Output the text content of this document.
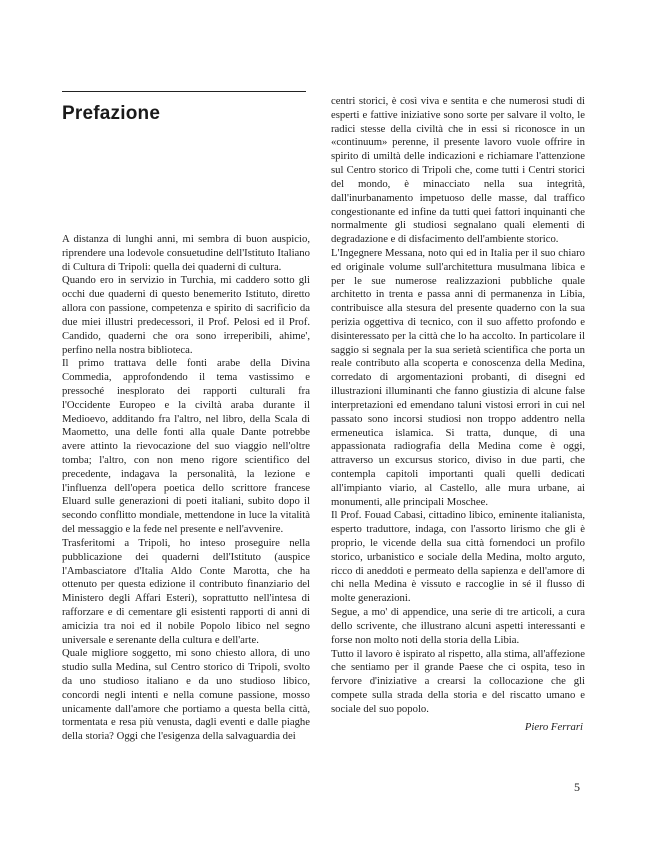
Prefazione

A distanza di lunghi anni, mi sembra di buon auspicio, riprendere una lodevole consuetudine dell'Istituto Italiano di Cultura di Tripoli: quella dei quaderni di cultura.

Quando ero in servizio in Turchia, mi caddero sotto gli occhi due quaderni di questo benemerito Istituto, diretto allora con passione, competenza e spirito di sacrificio da due miei illustri predecessori, il Prof. Pelosi ed il Prof. Candido, quaderni che ora sono irreperibili, ahime', perfino nella nostra biblioteca.

Il primo trattava delle fonti arabe della Divina Commedia, approfondendo il tema vastissimo e pressoché inesplorato dei rapporti culturali fra l'Occidente Europeo e la civiltà araba durante il Medioevo, additando fra l'altro, nel libro, della Scala di Maometto, una delle fonti alla quale Dante potrebbe avere attinto la rievocazione del suo viaggio nell'oltre tomba; l'altro, con non meno rigore scientifico del precedente, indagava la personalità, la lezione e l'influenza dell'opera poetica dello scrittore francese Eluard sulle generazioni di poeti italiani, subito dopo il secondo conflitto mondiale, mettendone in luce la vitalità del messaggio e la fede nel presente e nell'avvenire.

Trasferitomi a Tripoli, ho inteso proseguire nella pubblicazione dei quaderni dell'Istituto (auspice l'Ambasciatore d'Italia Aldo Conte Marotta, che ha ottenuto per questa edizione il contributo finanziario del Ministero degli Affari Esteri), soprattutto nell'intesa di rafforzare e di cementare gli esistenti rapporti di anni di amicizia tra noi ed il nobile Popolo libico nel segno universale e serenante della cultura e dell'arte.

Quale migliore soggetto, mi sono chiesto allora, di uno studio sulla Medina, sul Centro storico di Tripoli, svolto da uno studioso italiano e da uno studioso libico, concordi negli intenti e nella comune passione, mosso unicamente dall'amore che portiamo a questa bella città, tormentata e resa più venusta, dagli eventi e dalle piaghe della storia? Oggi che l'esigenza della salvaguardia dei

centri storici, è così viva e sentita e che numerosi studi di esperti e fattive iniziative sono sorte per salvare il volto, le radici stesse della civiltà che in essi si riconosce in un «continuum» perenne, il presente lavoro vuole offrire in spirito di umiltà delle indicazioni e richiamare l'attenzione sul Centro storico di Tripoli che, come tutti i Centri storici del mondo, è minacciato nella sua integrità, dall'inurbanamento impetuoso delle masse, dal traffico congestionante ed infine da tutti quei fattori inquinanti che normalmente gli studiosi segnalano quali elementi di degradazione e di disfacimento dell'ambiente storico.

L'Ingegnere Messana, noto qui ed in Italia per il suo chiaro ed originale volume sull'architettura musulmana libica e per le sue numerose realizzazioni pubbliche quale architetto in trenta e passa anni di permanenza in Libia, contribuisce alla stesura del presente quaderno con la sua perizia oggettiva di tecnico, con il suo affetto profondo e disinteressato per la città che lo ha accolto. In particolare il saggio si segnala per la sua serietà scientifica che porta un reale contributo alla scoperta e conoscenza della Medina, corredato di argomentazioni probanti, di disegni ed illustrazioni illuminanti che fanno giustizia di alcune false interpretazioni ed emendano taluni vistosi errori in cui nel passato sono incorsi studiosi non troppo addentro nella ermeneutica islamica. Si tratta, dunque, di una appassionata radiografia della Medina come è oggi, attraverso un excursus storico, diviso in due parti, che contempla capitoli importanti quali quelli dedicati all'impianto viario, al Castello, alle mura urbane, ai monumenti, alle principali Moschee.

Il Prof. Fouad Cabasi, cittadino libico, eminente italianista, esperto traduttore, indaga, con l'assorto lirismo che gli è proprio, le vicende della sua città fornendoci un profilo storico, urbanistico e sociale della Medina, molto arguto, ricco di aneddoti e permeato della sapienza e dell'amore di chi nella Medina è vissuto e raccoglie in sé il flusso di molte generazioni.

Segue, a mo' di appendice, una serie di tre articoli, a cura dello scrivente, che illustrano alcuni aspetti interessanti e forse non molto noti della storia della Libia.

Tutto il lavoro è ispirato al rispetto, alla stima, all'affezione che sentiamo per il grande Paese che ci ospita, teso in fervore d'iniziative a crearsi la collocazione che gli compete sulla strada della storia e del riscatto umano e sociale del suo popolo.

Piero Ferrari

5
